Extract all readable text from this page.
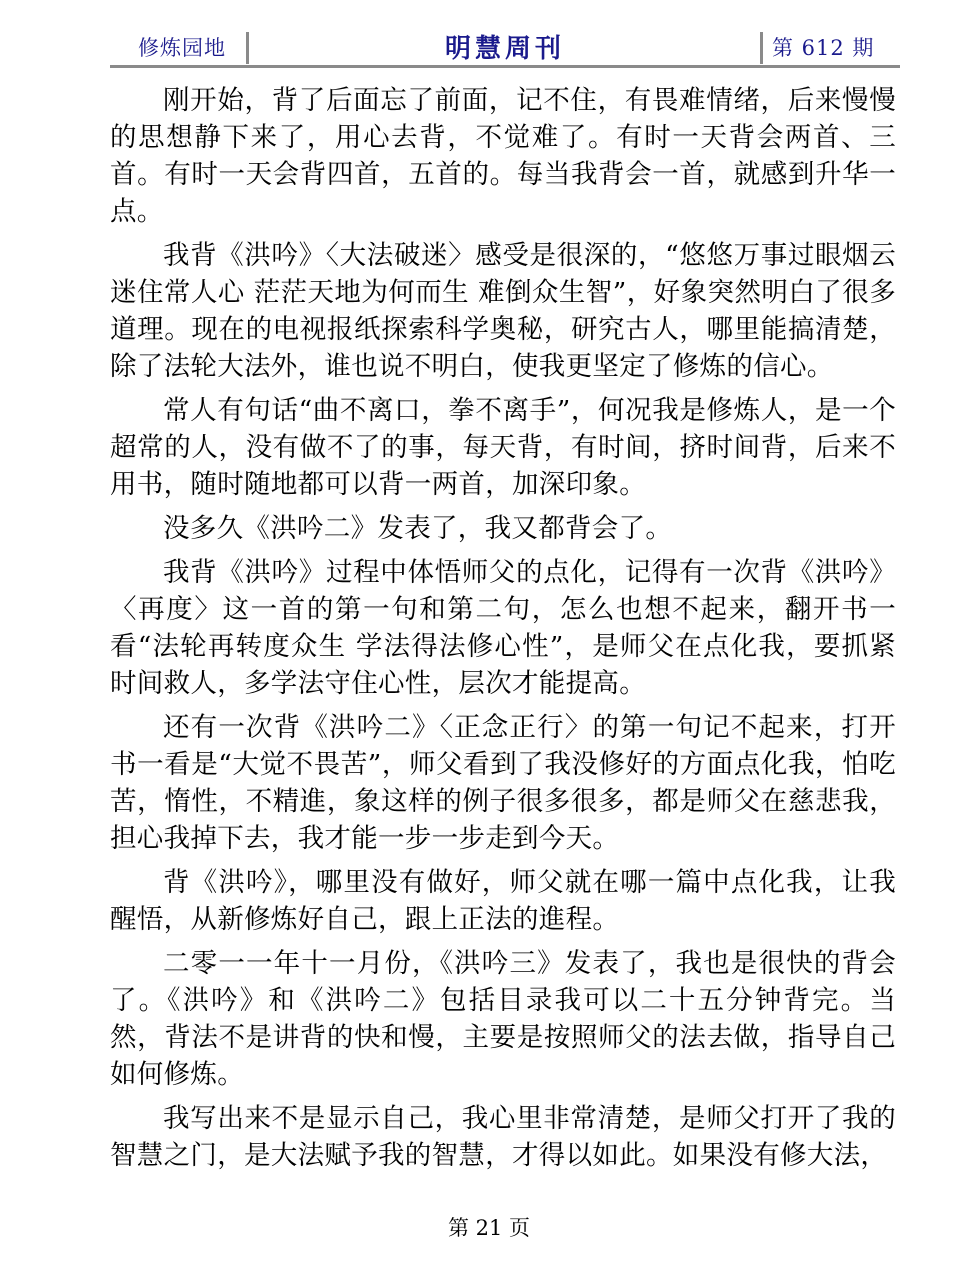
修炼园地	明慧周刊	第 612 期

刚开始，背了后面忘了前面，记不住，有畏难情绪，后来慢慢的思想静下来了，用心去背，不觉难了。有时一天背会两首、三首。有时一天会背四首，五首的。每当我背会一首，就感到升华一点。

我背《洪吟》〈大法破迷〉感受是很深的，“悠悠万事过眼烟云 迷住常人心 茫茫天地为何而生 难倒众生智”，好象突然明白了很多道理。现在的电视报纸探索科学奥秘，研究古人，哪里能搞清楚，除了法轮大法外，谁也说不明白，使我更坚定了修炼的信心。

常人有句话“曲不离口，拳不离手”，何况我是修炼人，是一个超常的人，没有做不了的事，每天背，有时间，挤时间背，后来不用书，随时随地都可以背一两首，加深印象。

没多久《洪吟二》发表了，我又都背会了。

我背《洪吟》过程中体悟师父的点化，记得有一次背《洪吟》〈再度〉这一首的第一句和第二句，怎么也想不起来，翻开书一看“法轮再转度众生 学法得法修心性”，是师父在点化我，要抓紧时间救人，多学法守住心性，层次才能提高。

还有一次背《洪吟二》〈正念正行〉的第一句记不起来，打开书一看是“大觉不畏苦”，师父看到了我没修好的方面点化我，怕吃苦，惰性，不精進，象这样的例子很多很多，都是师父在慈悲我，担心我掉下去，我才能一步一步走到今天。

背《洪吟》，哪里没有做好，师父就在哪一篇中点化我，让我醒悟，从新修炼好自己，跟上正法的進程。

二零一一年十一月份，《洪吟三》发表了，我也是很快的背会了。《洪吟》和《洪吟二》包括目录我可以二十五分钟背完。当然，背法不是讲背的快和慢，主要是按照师父的法去做，指导自己如何修炼。

我写出来不是显示自己，我心里非常清楚，是师父打开了我的智慧之门，是大法赋予我的智慧，才得以如此。如果没有修大法，

第 21 页
